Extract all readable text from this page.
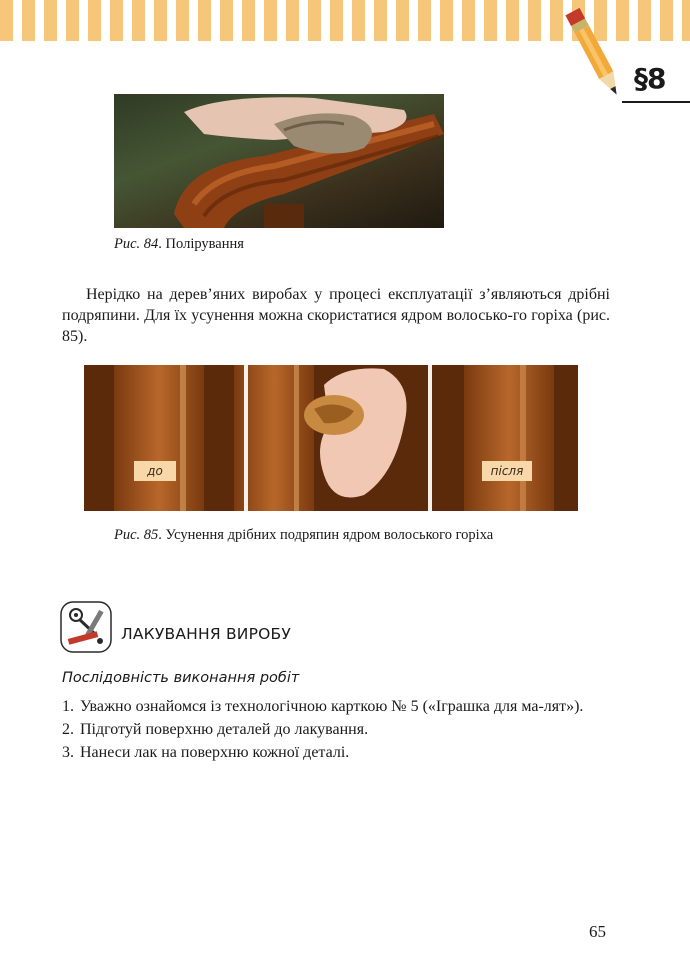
§8
Рис. 84. Полірування

Нерідко на дерев’яних виробах у процесі експлуатації з’являються дрібні подряпини. Для їх усунення можна скористатися ядром волосько-го горіха (рис. 85).

до	після
Рис. 85. Усунення дрібних подряпин ядром волоського горіха
ЛАКУВАННЯ ВИРОБУ
Послідовність виконання робіт
1. Уважно ознайомся із технологічною карткою № 5 («Іграшка для ма-лят»).
2. Підготуй поверхню деталей до лакування.
3. Нанеси лак на поверхню кожної деталі.
65
